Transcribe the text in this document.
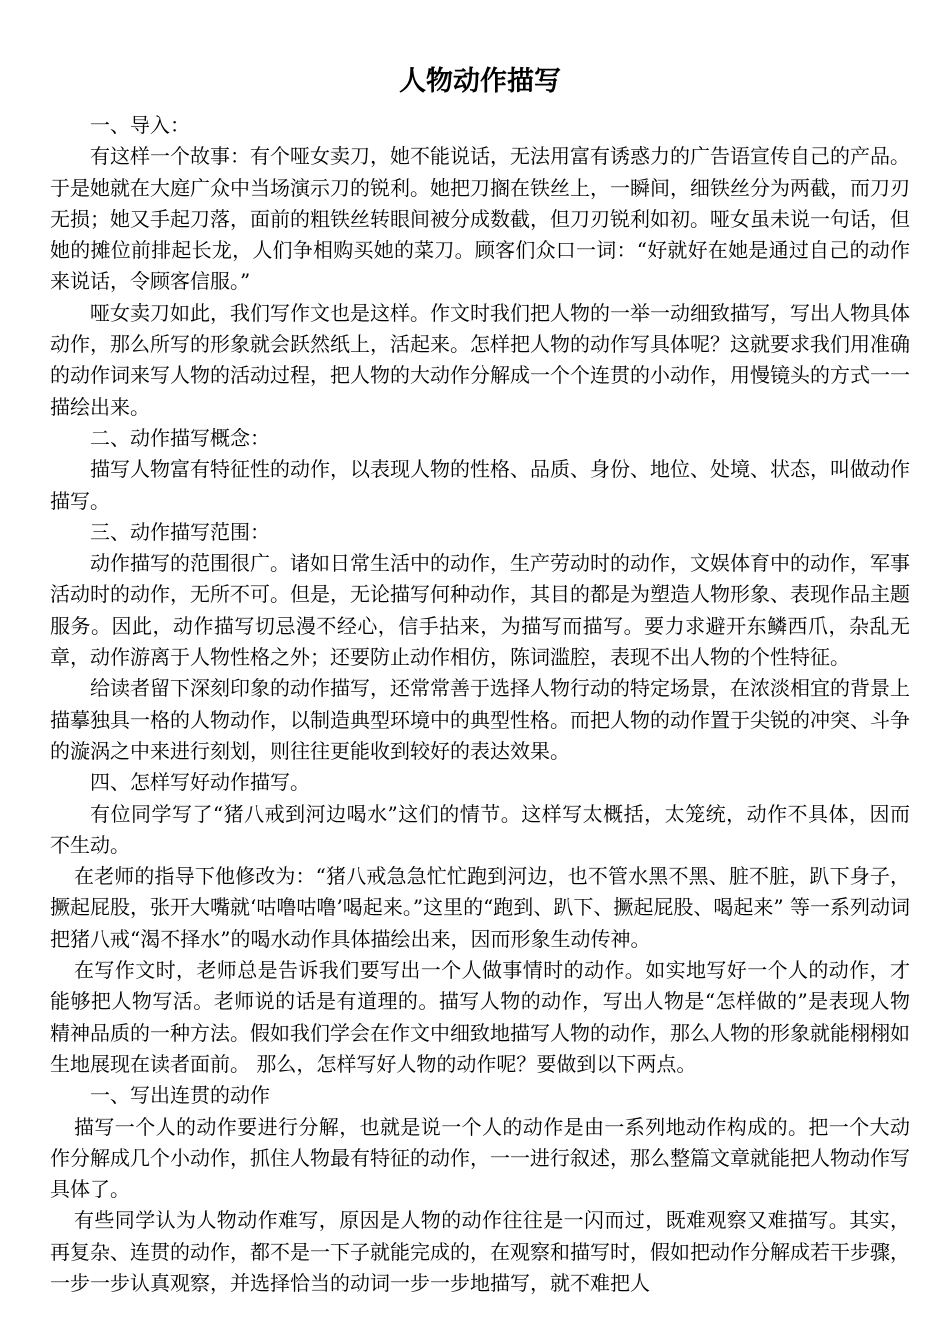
人物动作描写

一、导入：

有这样一个故事：有个哑女卖刀，她不能说话，无法用富有诱惑力的广告语宣传自己的产品。于是她就在大庭广众中当场演示刀的锐利。她把刀搁在铁丝上，一瞬间，细铁丝分为两截，而刀刃无损；她又手起刀落，面前的粗铁丝转眼间被分成数截，但刀刃锐利如初。哑女虽未说一句话，但她的摊位前排起长龙，人们争相购买她的菜刀。顾客们众口一词：“好就好在她是通过自己的动作来说话，令顾客信服。”

哑女卖刀如此，我们写作文也是这样。作文时我们把人物的一举一动细致描写，写出人物具体动作，那么所写的形象就会跃然纸上，活起来。怎样把人物的动作写具体呢？这就要求我们用准确的动作词来写人物的活动过程，把人物的大动作分解成一个个连贯的小动作，用慢镜头的方式一一描绘出来。

二、动作描写概念：

描写人物富有特征性的动作，以表现人物的性格、品质、身份、地位、处境、状态，叫做动作描写。

三、动作描写范围：

动作描写的范围很广。诸如日常生活中的动作，生产劳动时的动作，文娱体育中的动作，军事活动时的动作，无所不可。但是，无论描写何种动作，其目的都是为塑造人物形象、表现作品主题服务。因此，动作描写切忌漫不经心，信手拈来，为描写而描写。要力求避开东鳞西爪，杂乱无章，动作游离于人物性格之外；还要防止动作相仿，陈词滥腔，表现不出人物的个性特征。

给读者留下深刻印象的动作描写，还常常善于选择人物行动的特定场景，在浓淡相宜的背景上描摹独具一格的人物动作，以制造典型环境中的典型性格。而把人物的动作置于尖锐的冲突、斗争的漩涡之中来进行刻划，则往往更能收到较好的表达效果。

四、怎样写好动作描写。

有位同学写了“猪八戒到河边喝水”这们的情节。这样写太概括，太笼统，动作不具体，因而不生动。

在老师的指导下他修改为：“猪八戒急急忙忙跑到河边，也不管水黑不黑、脏不脏，趴下身子，撅起屁股，张开大嘴就‘咕噜咕噜’喝起来。”这里的“跑到、趴下、撅起屁股、喝起来” 等一系列动词把猪八戒“渴不择水”的喝水动作具体描绘出来，因而形象生动传神。

在写作文时，老师总是告诉我们要写出一个人做事情时的动作。如实地写好一个人的动作，才能够把人物写活。老师说的话是有道理的。描写人物的动作，写出人物是“怎样做的”是表现人物精神品质的一种方法。假如我们学会在作文中细致地描写人物的动作，那么人物的形象就能栩栩如生地展现在读者面前。 那么，怎样写好人物的动作呢？要做到以下两点。

一、写出连贯的动作

描写一个人的动作要进行分解，也就是说一个人的动作是由一系列地动作构成的。把一个大动作分解成几个小动作，抓住人物最有特征的动作，一一进行叙述，那么整篇文章就能把人物动作写具体了。

有些同学认为人物动作难写，原因是人物的动作往往是一闪而过，既难观察又难描写。其实，再复杂、连贯的动作，都不是一下子就能完成的，在观察和描写时，假如把动作分解成若干步骤，一步一步认真观察，并选择恰当的动词一步一步地描写，就不难把人
